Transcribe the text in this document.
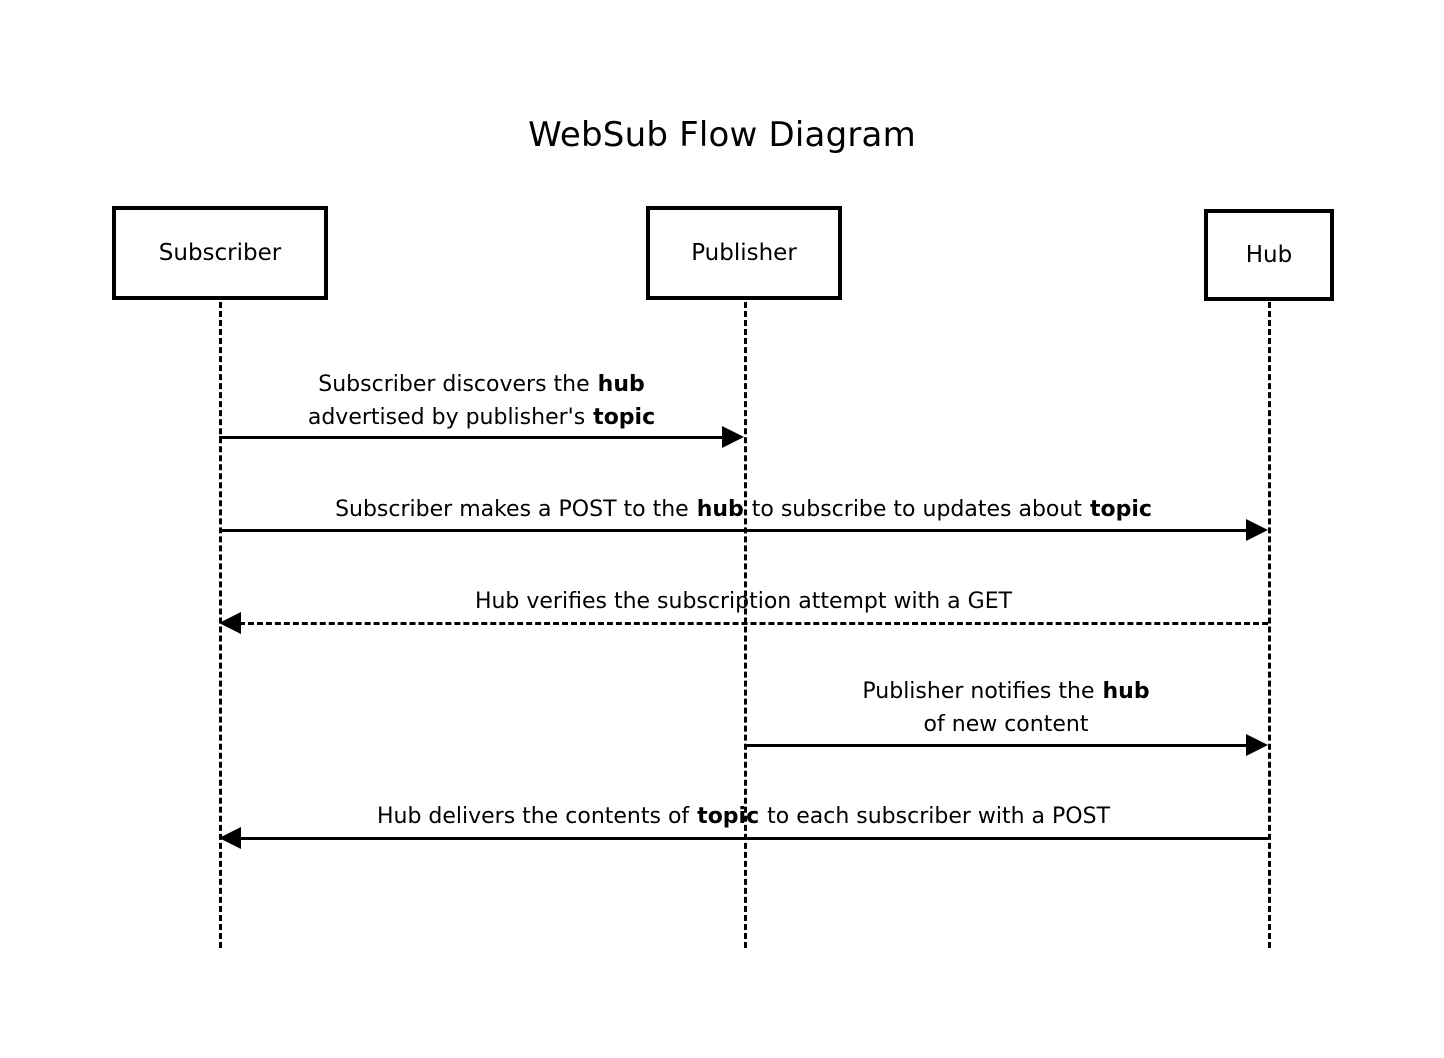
WebSub Flow Diagram
Subscriber	Publisher	Hub
Subscriber discovers the hub
advertised by publisher's topic
Subscriber makes a POST to the hub to subscribe to updates about topic
Hub verifies the subscription attempt with a GET
Publisher notifies the hub
of new content
Hub delivers the contents of topic to each subscriber with a POST
